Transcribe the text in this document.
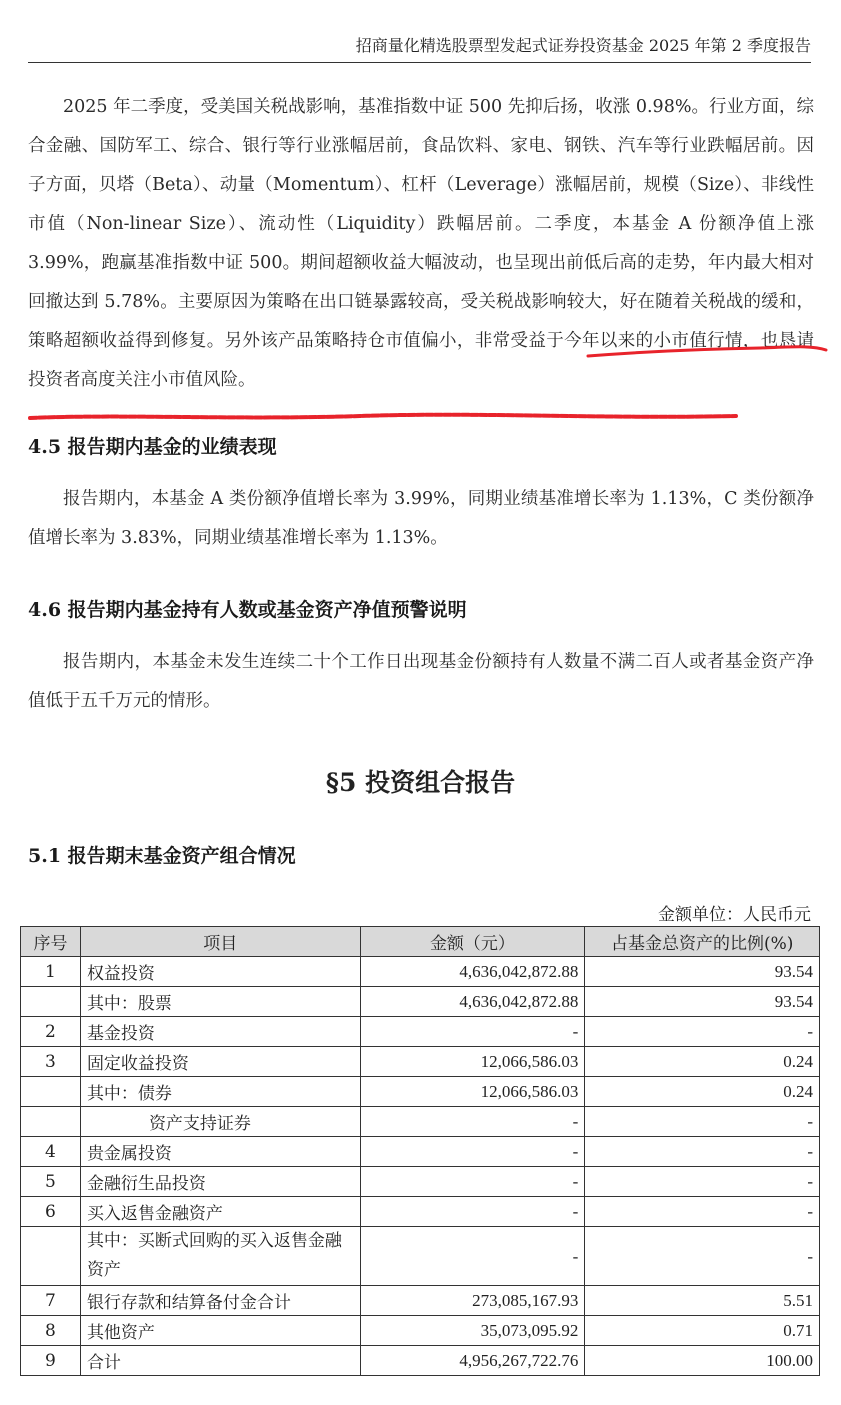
招商量化精选股票型发起式证券投资基金 2025 年第 2 季度报告

2025 年二季度，受美国关税战影响，基准指数中证 500 先抑后扬，收涨 0.98%。行业方面，综合金融、国防军工、综合、银行等行业涨幅居前，食品饮料、家电、钢铁、汽车等行业跌幅居前。因子方面，贝塔（Beta）、动量（Momentum）、杠杆（Leverage）涨幅居前，规模（Size）、非线性市值（Non-linear Size）、流动性（Liquidity）跌幅居前。二季度，本基金 A 份额净值上涨 3.99%，跑赢基准指数中证 500。期间超额收益大幅波动，也呈现出前低后高的走势，年内最大相对回撤达到 5.78%。主要原因为策略在出口链暴露较高，受关税战影响较大，好在随着关税战的缓和，策略超额收益得到修复。另外该产品策略持仓市值偏小，非常受益于今年以来的小市值行情，也恳请投资者高度关注小市值风险。

4.5 报告期内基金的业绩表现

报告期内，本基金 A 类份额净值增长率为 3.99%，同期业绩基准增长率为 1.13%，C 类份额净值增长率为 3.83%，同期业绩基准增长率为 1.13%。

4.6 报告期内基金持有人数或基金资产净值预警说明

报告期内，本基金未发生连续二十个工作日出现基金份额持有人数量不满二百人或者基金资产净值低于五千万元的情形。

§5 投资组合报告
5.1 报告期末基金资产组合情况
金额单位：人民币元
序号	项目	金额（元）	占基金总资产的比例(%)
1	权益投资	4,636,042,872.88	93.54
	其中：股票	4,636,042,872.88	93.54
2	基金投资	-	-
3	固定收益投资	12,066,586.03	0.24
	其中：债券	12,066,586.03	0.24
	资产支持证券	-	-
4	贵金属投资	-	-
5	金融衍生品投资	-	-
6	买入返售金融资产	-	-
	其中：买断式回购的买入返售金融资产	-	-
7	银行存款和结算备付金合计	273,085,167.93	5.51
8	其他资产	35,073,095.92	0.71
9	合计	4,956,267,722.76	100.00
